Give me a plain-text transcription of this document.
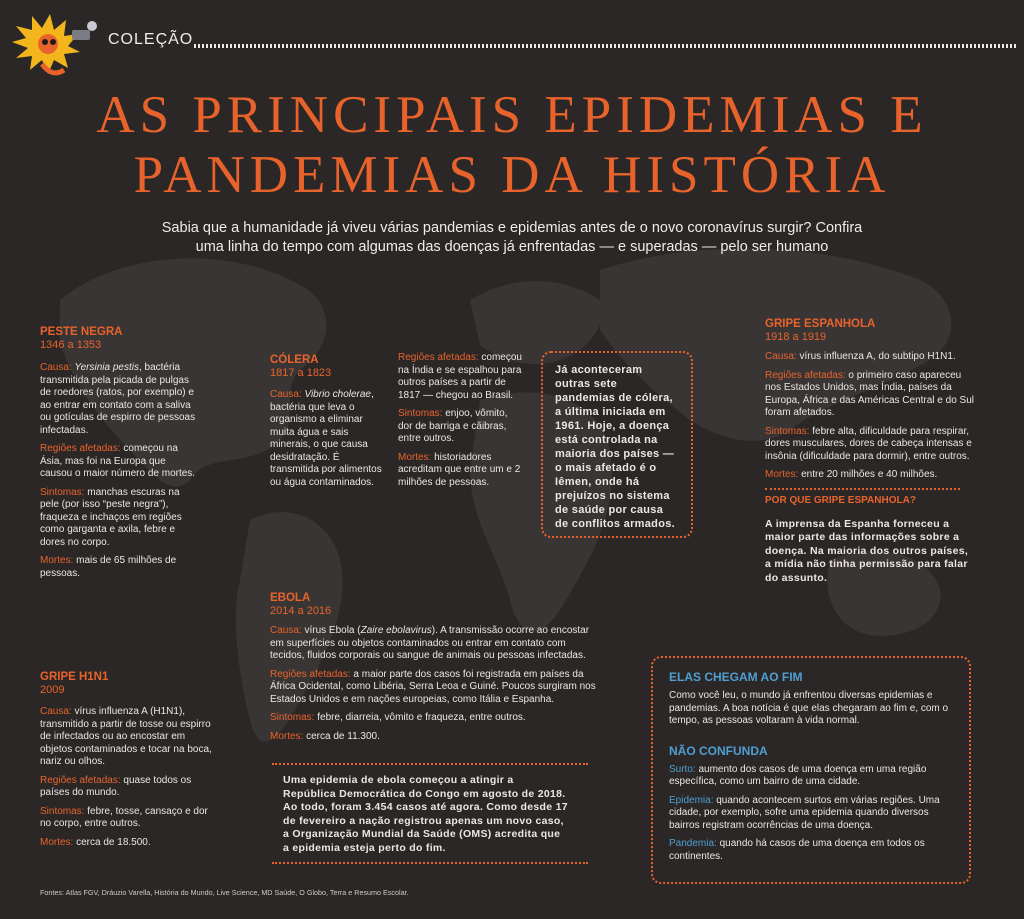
COLEÇÃO
AS PRINCIPAIS EPIDEMIAS E
PANDEMIAS DA HISTÓRIA
Sabia que a humanidade já viveu várias pandemias e epidemias antes de o novo coronavírus surgir? Confira
uma linha do tempo com algumas das doenças já enfrentadas — e superadas — pelo ser humano
PESTE NEGRA
1346 a 1353

Causa: Yersinia pestis, bactéria transmitida pela picada de pulgas de roedores (ratos, por exemplo) e ao entrar em contato com a saliva ou gotículas de espirro de pessoas infectadas.

Regiões afetadas: começou na Ásia, mas foi na Europa que causou o maior número de mortes.

Sintomas: manchas escuras na pele (por isso “peste negra”), fraqueza e inchaços em regiões como garganta e axila, febre e dores no corpo.

Mortes: mais de 65 milhões de pessoas.

CÓLERA
1817 a 1823

Causa: Vibrio cholerae, bactéria que leva o organismo a eliminar muita água e sais minerais, o que causa desidratação. É transmitida por alimentos ou água contaminados.

Regiões afetadas: começou na Índia e se espalhou para outros países a partir de 1817 — chegou ao Brasil.

Sintomas: enjoo, vômito, dor de barriga e cãibras, entre outros.

Mortes: historiadores acreditam que entre um e 2 milhões de pessoas.

Já aconteceram outras sete pandemias de cólera, a última iniciada em 1961. Hoje, a doença está controlada na maioria dos países — o mais afetado é o Iêmen, onde há prejuízos no sistema de saúde por causa de conflitos armados.
GRIPE ESPANHOLA
1918 a 1919

Causa: vírus influenza A, do subtipo H1N1.

Regiões afetadas: o primeiro caso apareceu nos Estados Unidos, mas Índia, países da Europa, África e das Américas Central e do Sul foram afetados.

Sintomas: febre alta, dificuldade para respirar, dores musculares, dores de cabeça intensas e insônia (dificuldade para dormir), entre outros.

Mortes: entre 20 milhões e 40 milhões.

POR QUE GRIPE ESPANHOLA?
A imprensa da Espanha forneceu a maior parte das informações sobre a doença. Na maioria dos outros países, a mídia não tinha permissão para falar do assunto.
EBOLA
2014 a 2016

Causa: vírus Ebola (Zaire ebolavirus). A transmissão ocorre ao encostar em superfícies ou objetos contaminados ou entrar em contato com tecidos, fluidos corporais ou sangue de animais ou pessoas infectadas.

Regiões afetadas: a maior parte dos casos foi registrada em países da África Ocidental, como Libéria, Serra Leoa e Guiné. Poucos surgiram nos Estados Unidos e em nações europeias, como Itália e Espanha.

Sintomas: febre, diarreia, vômito e fraqueza, entre outros.

Mortes: cerca de 11.300.

Uma epidemia de ebola começou a atingir a República Democrática do Congo em agosto de 2018. Ao todo, foram 3.454 casos até agora. Como desde 17 de fevereiro a nação registrou apenas um novo caso, a Organização Mundial da Saúde (OMS) acredita que a epidemia esteja perto do fim.
GRIPE H1N1
2009

Causa: vírus influenza A (H1N1), transmitido a partir de tosse ou espirro de infectados ou ao encostar em objetos contaminados e tocar na boca, nariz ou olhos.

Regiões afetadas: quase todos os países do mundo.

Sintomas: febre, tosse, cansaço e dor no corpo, entre outros.

Mortes: cerca de 18.500.

ELAS CHEGAM AO FIM
Como você leu, o mundo já enfrentou diversas epidemias e pandemias. A boa notícia é que elas chegaram ao fim e, com o tempo, as pessoas voltaram à vida normal.
NÃO CONFUNDA

Surto: aumento dos casos de uma doença em uma região específica, como um bairro de uma cidade.

Epidemia: quando acontecem surtos em várias regiões. Uma cidade, por exemplo, sofre uma epidemia quando diversos bairros registram ocorrências de uma doença.

Pandemia: quando há casos de uma doença em todos os continentes.

Fontes: Atlas FGV, Dráuzio Varella, História do Mundo, Live Science, MD Saúde, O Globo, Terra e Resumo Escolar.
